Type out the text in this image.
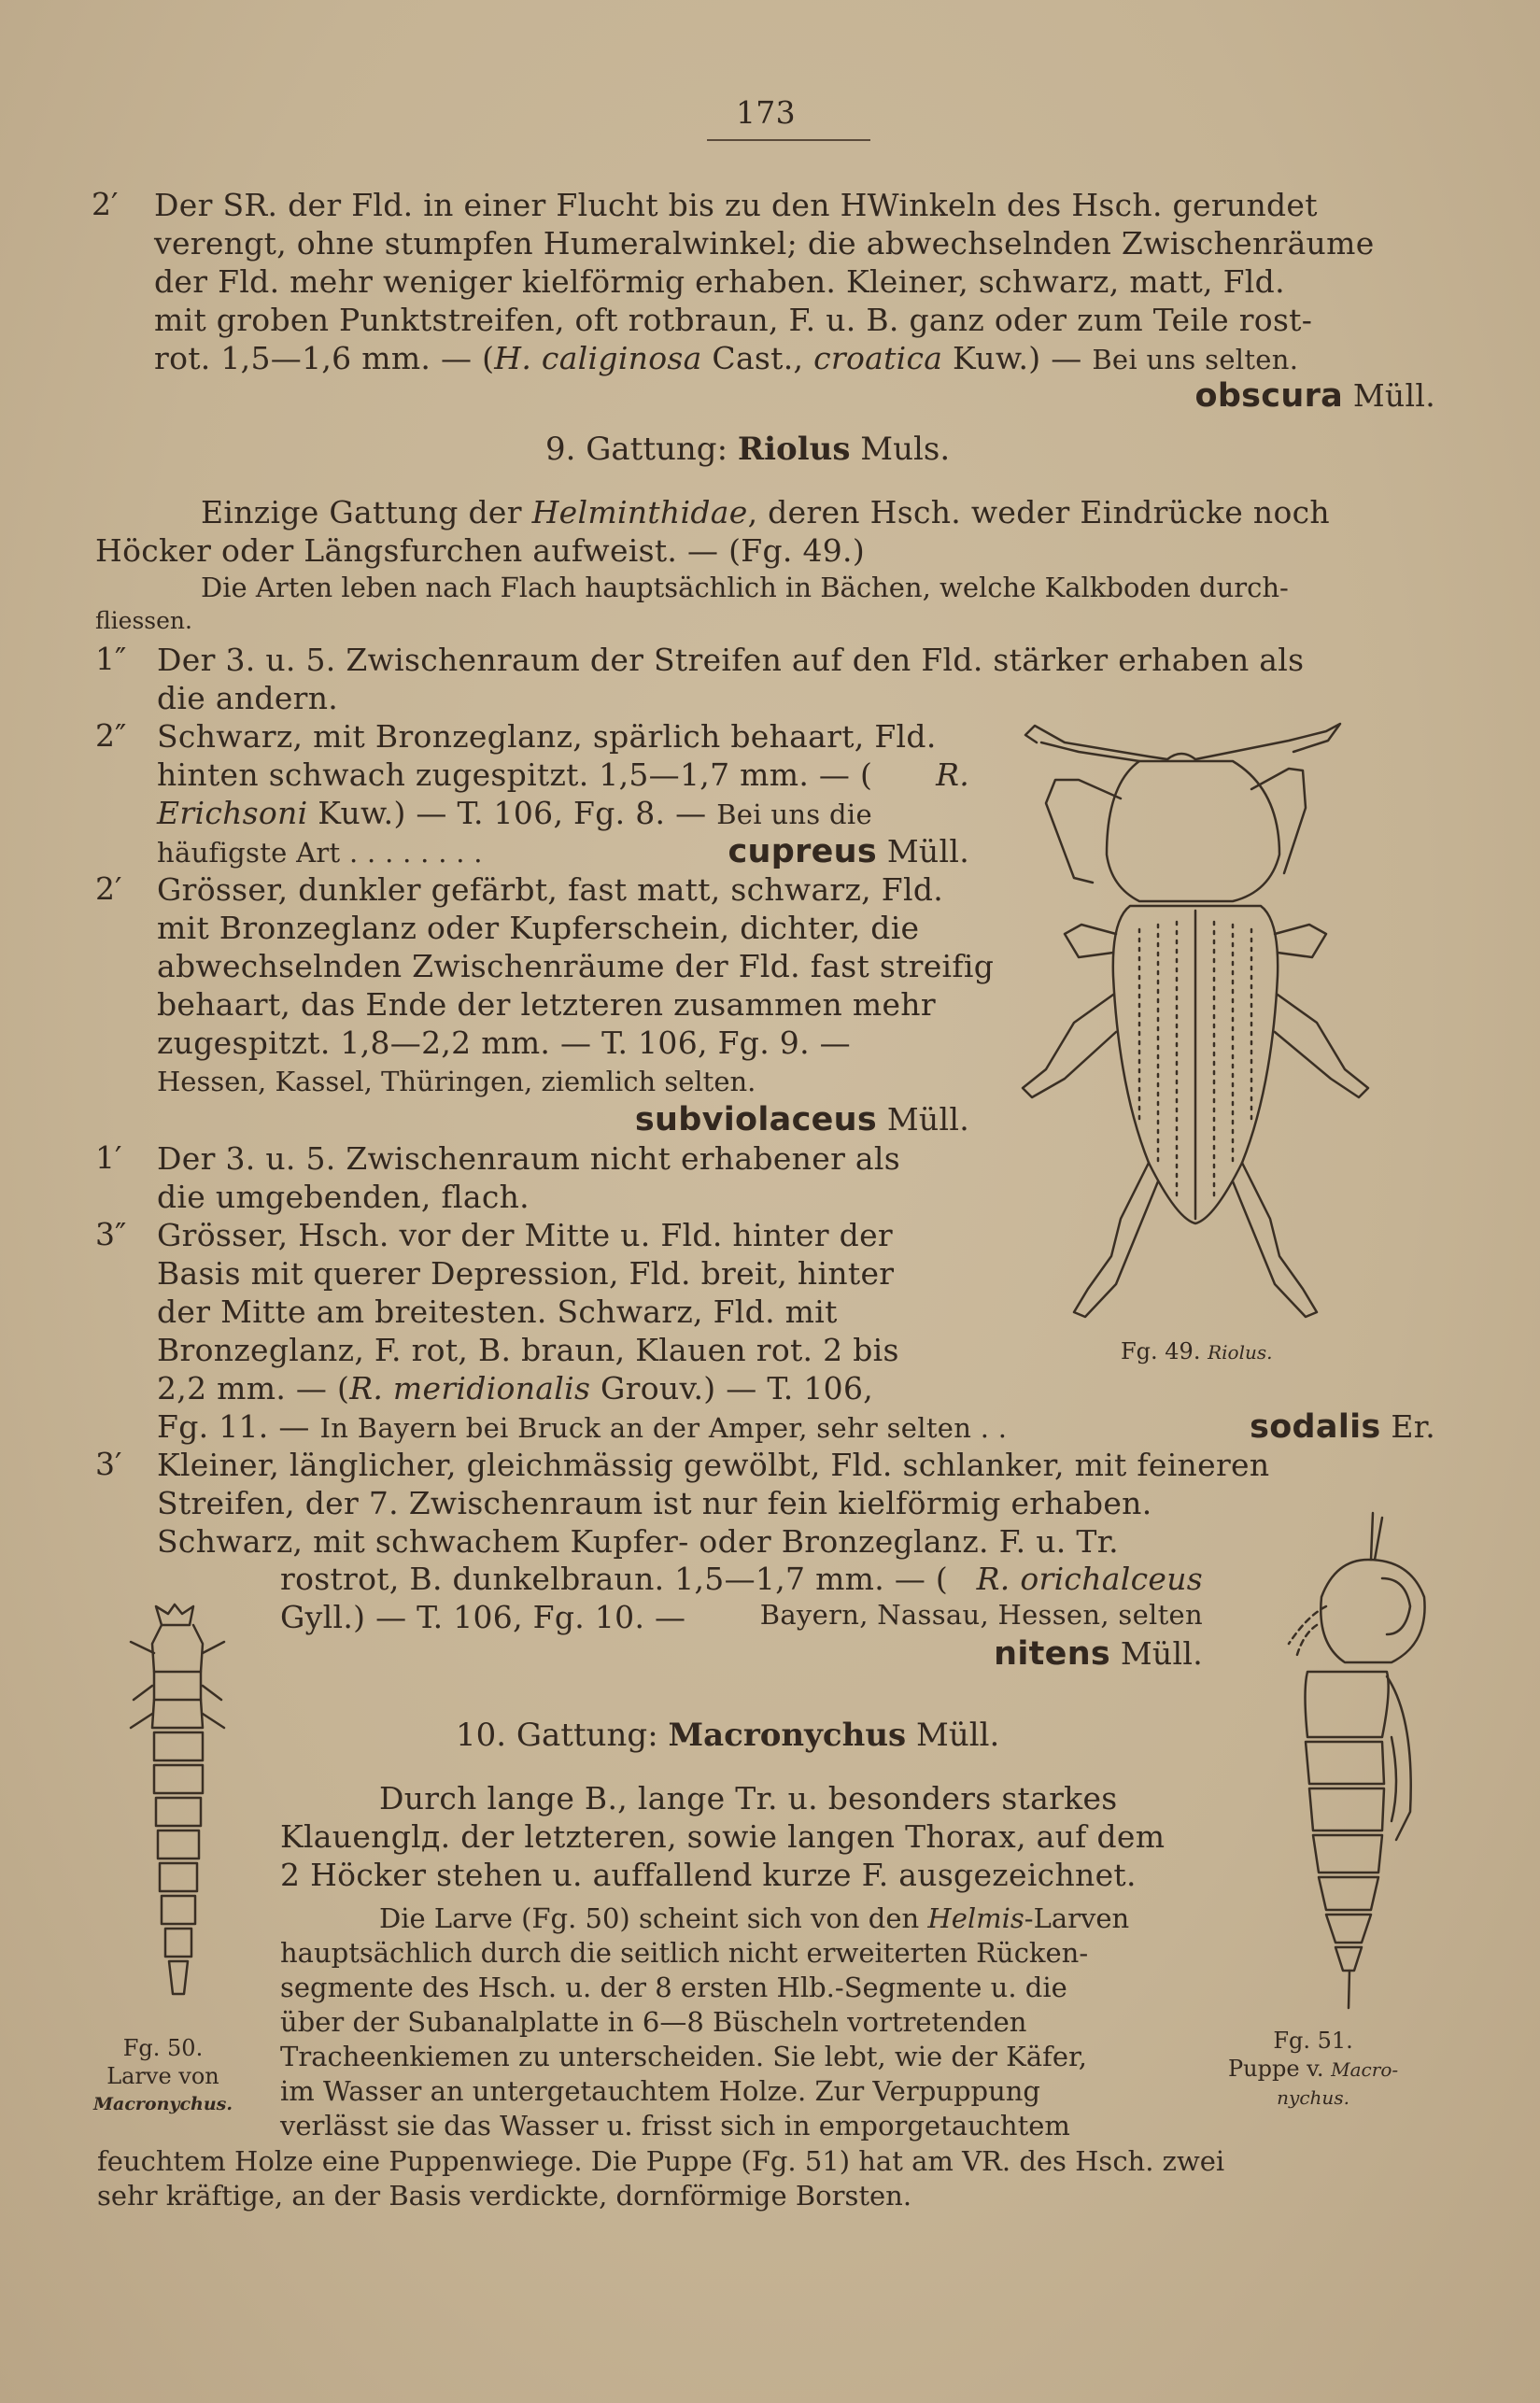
173
2′ Der SR. der Fld. in einer Flucht bis zu den HWinkeln des Hsch. gerundet
verengt, ohne stumpfen Humeralwinkel; die abwechselnden Zwischenräume
der Fld. mehr weniger kielförmig erhaben. Kleiner, schwarz, matt, Fld.
mit groben Punktstreifen, oft rotbraun, F. u. B. ganz oder zum Teile rost-
rot. 1,5—1,6 mm. — (H. caliginosa Cast., croatica Kuw.) — Bei uns selten.
obscura Müll.
9. Gattung: Riolus Muls.
Einzige Gattung der Helminthidae, deren Hsch. weder Eindrücke noch
Höcker oder Längsfurchen aufweist. — (Fg. 49.)
Die Arten leben nach Flach hauptsächlich in Bächen, welche Kalkboden durch-
fliessen.
1″ Der 3. u. 5. Zwischenraum der Streifen auf den Fld. stärker erhaben als
die andern.
2″ Schwarz, mit Bronzeglanz, spärlich behaart, Fld.
hinten schwach zugespitzt. 1,5—1,7 mm. — ( R.
Erichsoni Kuw.) — T. 106, Fg. 8. — Bei uns die
häufigste Art . . . . . . . .	cupreus Müll.
2′ Grösser, dunkler gefärbt, fast matt, schwarz, Fld.
mit Bronzeglanz oder Kupferschein, dichter, die
abwechselnden Zwischenräume der Fld. fast streifig
behaart, das Ende der letzteren zusammen mehr
zugespitzt. 1,8—2,2 mm. — T. 106, Fg. 9. —
Hessen, Kassel, Thüringen, ziemlich selten.
subviolaceus Müll.
1′ Der 3. u. 5. Zwischenraum nicht erhabener als
die umgebenden, flach.
3″ Grösser, Hsch. vor der Mitte u. Fld. hinter der
Basis mit querer Depression, Fld. breit, hinter
der Mitte am breitesten. Schwarz, Fld. mit
Bronzeglanz, F. rot, B. braun, Klauen rot. 2 bis
2,2 mm. — (R. meridionalis Grouv.) — T. 106,
Fg. 11. — In Bayern bei Bruck an der Amper, sehr selten . .	sodalis Er.
3′ Kleiner, länglicher, gleichmässig gewölbt, Fld. schlanker, mit feineren
Streifen, der 7. Zwischenraum ist nur fein kielförmig erhaben.
Schwarz, mit schwachem Kupfer- oder Bronzeglanz. F. u. Tr.
rostrot, B. dunkelbraun. 1,5—1,7 mm. — ( R. orichalceus
Gyll.) — T. 106, Fg. 10. —	Bayern, Nassau, Hessen, selten
nitens Müll.
10. Gattung: Macronychus Müll.
Durch lange B., lange Tr. u. besonders starkes
Klauenglд. der letzteren, sowie langen Thorax, auf dem
2 Höcker stehen u. auffallend kurze F. ausgezeichnet.
Die Larve (Fg. 50) scheint sich von den Helmis-Larven
hauptsächlich durch die seitlich nicht erweiterten Rücken-
segmente des Hsch. u. der 8 ersten Hlb.-Segmente u. die
über der Subanalplatte in 6—8 Büscheln vortretenden
Tracheenkiemen zu unterscheiden. Sie lebt, wie der Käfer,
im Wasser an untergetauchtem Holze. Zur Verpuppung
verlässt sie das Wasser u. frisst sich in emporgetauchtem
feuchtem Holze eine Puppenwiege. Die Puppe (Fg. 51) hat am VR. des Hsch. zwei
sehr kräftige, an der Basis verdickte, dornförmige Borsten.
Fg. 49. Riolus.
Fg. 50.
Larve von
Macronychus.
Fg. 51.
Puppe v. Macro-
nychus.
